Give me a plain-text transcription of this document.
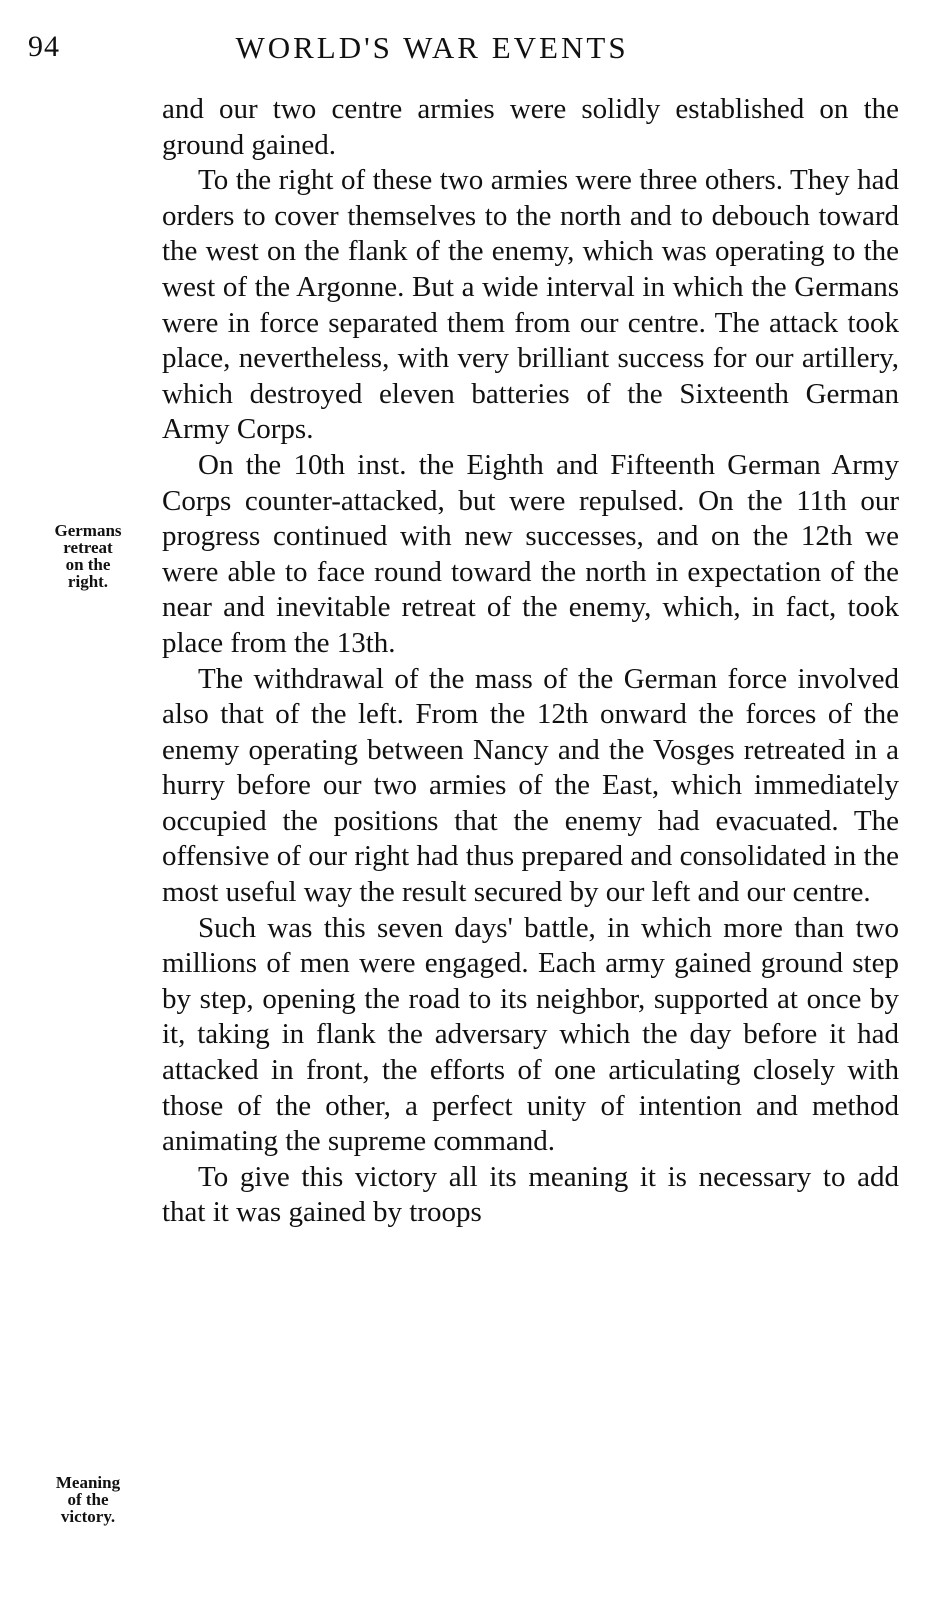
94	WORLD'S WAR EVENTS
Germans
retreat
on the
right.
Meaning
of the
victory.

and our two centre armies were solidly established on the ground gained.

To the right of these two armies were three others. They had orders to cover themselves to the north and to debouch toward the west on the flank of the enemy, which was operating to the west of the Argonne. But a wide interval in which the Germans were in force separated them from our centre. The attack took place, nevertheless, with very brilliant success for our artillery, which destroyed eleven batteries of the Sixteenth German Army Corps.

On the 10th inst. the Eighth and Fifteenth German Army Corps counter-attacked, but were repulsed. On the 11th our progress continued with new successes, and on the 12th we were able to face round toward the north in expectation of the near and inevitable retreat of the enemy, which, in fact, took place from the 13th.

The withdrawal of the mass of the German force involved also that of the left. From the 12th onward the forces of the enemy operating between Nancy and the Vosges retreated in a hurry before our two armies of the East, which immediately occupied the positions that the enemy had evacuated. The offensive of our right had thus prepared and consolidated in the most useful way the result secured by our left and our centre.

Such was this seven days' battle, in which more than two millions of men were engaged. Each army gained ground step by step, opening the road to its neighbor, supported at once by it, taking in flank the adversary which the day before it had attacked in front, the efforts of one articulating closely with those of the other, a perfect unity of intention and method animating the supreme command.

To give this victory all its meaning it is necessary to add that it was gained by troops
